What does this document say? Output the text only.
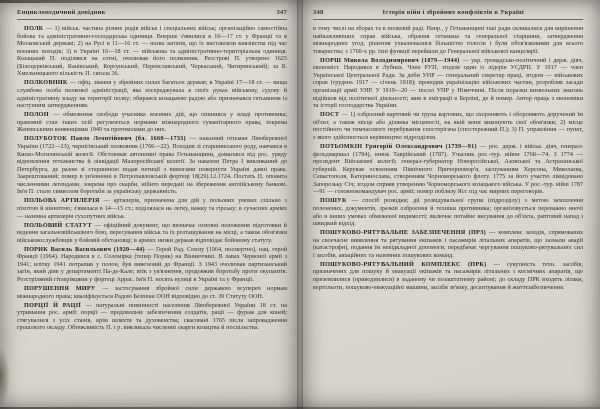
Енциклопедичний довідник	347

ПОЛК — 1) військ. частина різних родів військ і спеціальних військ; організаційно самостійна бойова та адміністративно-господарська одиниця. Вперше з'явилися в 16—17 ст. у Франції та в Московській державі; 2) на Русі в 11—16 ст. — назва загонів, що їх виставляли князівства під час воєнних походів; 3) в Україні 16—18 ст. — військова та адміністративно-територіальна одиниця. Козацький П. поділявся на сотні, очолював його полковник. Реєстрові П. утворено 1625 (Білоцерківський, Канівський, Корсунський, Переяславський, Черкаський, Чигиринський); за Б. Хмельницького кількість П. сягала 36.

ПОЛКОВНИК — офіц. звання у збройних силах багатьох держав; в Україні 17—18 ст. — вища службова особа полкової адміністрації, яка зосереджувала в своїх руках військову, судову й адміністративну владу на території полку; обирався козацькою радою або призначався гетьманом із наступним затвердженням.

ПОЛОН — обмеження свободи учасника воєнних дій, що опинився у владі противника; правовий стан таких осіб регулюється нормами міжнародного гуманітарного права, зокрема Женевськими конвенціями 1949 та протоколами до них.

ПОЛУБОТОК Павло Леонтійович (бл. 1660—1733) — наказний гетьман Лівобережної України (1722—23), чернігівський полковник (1706—22). Походив зі старшинського роду, навчався в Києво-Могилянській колегії. Обстоював автономні права Гетьманщини, домагався від рос. уряду відновлення гетьманства й ліквідації Малоросійської колегії. За наказом Петра I викликаний до Петербурга, де разом зі старшиною подав петиції з вимогами повернути Україні давні права. Заарештований; помер в ув'язненні в Петропавловській фортеці 18(29).12.1724. Постать П. оповита численними легендами, зокрема про скарби, нібито передані на збереження англійському банкові. Ім'я П. стало символом боротьби за українську державність.

ПОЛЬОВА АРТИЛЕРІЯ — артилерія, призначена для дій у польових умовах спільно з піхотою й кіннотою; з'явилася в 14—15 ст.; поділялася на легку, важку та гірську; в сучасних арміях — наземна артилерія сухопутних військ.

ПОЛЬОВИЙ СТАТУТ — офіційний документ, що визначає основні положення підготовки й ведення загальновійськового бою, пересування військ та їх розташування на місці, а також обов'язки військовослужбовців у бойовій обстановці; в арміях низки держав відповідає бойовому статуту.

ПОРИК Василь Васильович (1920—44) — Герой Рад. Союзу (1964, посмертно), нац. герой Франції (1964). Народився в с. Соломірка (тепер Порик) на Вінниччині. В лавах Червоної армії з 1941; влітку 1941 потрапив у полон, був вивезений до Франції. З 1943 очолював партизанський загін, який діяв у департаменті Па-де-Кале; втік з ув'язнення, продовжив боротьбу проти окупантів. Розстріляний гітлерівцями у фортеці Аррас. Ім'я П. носять вулиці в Україні та у Франції.

ПОРУШЕННЯ МИРУ — застосування збройної сили державою всупереч нормам міжнародного права; кваліфікується Радою Безпеки ООН відповідно до ст. 39 Статуту ООН.

ПОРЦІЇ Й РАЦІЇ — натуральні повинності населення Лівобережної України 18 ст. на утримання рос. армії: порції — продовольче забезпечення солдатів, рації — фураж для коней; стягувалися з усіх станів, крім шляхти та духовенства; скасовані 1765 після запровадження грошового окладу. Обтяжливість П. і р. викликала численні скарги козацтва й поспільства.

348	Історія війн і збройних конфліктів в Україні

в тому числі на зборах та в полковій раді. Напр., у Гетьманщині такі ради скликалися для вирішення найважливіших справ війська, обрання гетьмана та генеральної старшини, затвердження міжнародних угод; рішення ухвалювалися більшістю голосів і були обов'язковими для всього товариства; з 1760-х рр. їхні функції перейшли до Генеральної військової канцелярії.

ПОРШ Микола Володимирович (1879—1944) — укр. громадсько-політичний і держ. діяч, економіст. Народився в Лубнах. Член РУП, згодом один із лідерів УСДРП. У 1917 — член Української Центральної Ради. За доби УНР — генеральний секретар праці, згодом — військових справ (грудень 1917 — січень 1918); проводив українізацію військових частин, розробляв засади організації армії УНР. У 1919—20 — посол УНР у Німеччині. Після поразки визвольних змагань відійшов від політичної діяльності; жив в еміграції в Берліні, де й помер. Автор праць з економіки та історії господарства України.

ПОСТ — 1) озброєний вартовий чи група вартових, що охороняють і обороняють доручений їм об'єкт, а також місце або ділянка місцевості, на якій вони виконують свої обов'язки; 2) місце постійного чи тимчасового перебування спостерігача (спостережний П.); 3) П. управління — пункт, з якого здійснюється керівництво підрозділом.

ПОТЬОМКІН Григорій Олександрович (1739—91) — рос. держ. і військ. діяч, генерал-фельдмаршал (1784), князь Таврійський (1787). Учасник рос.-тур. війни 1768—74. З 1774 — президент Військової колегії; генерал-губернатор Новоросійської, Азовської та Астраханської губерній. Керував освоєнням Північного Причорномор'я, заснуванням Херсона, Миколаєва, Севастополя, Катеринослава, створенням Чорноморського флоту. 1775 за його участю ліквідовано Запорозьку Січ; згодом сприяв утворенню Чорноморського козацького війська. У рос.-тур. війні 1787—91 — головнокомандувач рос. армії; помер поблизу Ясс під час мирних переговорів.

ПОШУК — спосіб розвідки; дії розвідувальної групи (підрозділу) з метою захоплення полонених, документів, зразків озброєння й техніки противника; організовується переважно вночі або в інших умовах обмеженої видимості; включає потайне висування до об'єкта, раптовий напад і швидкий відхід.

ПОШУКОВО-РЯТУВАЛЬНЕ ЗАБЕЗПЕЧЕННЯ (ПРЗ) — комплекс заходів, спрямованих на своєчасне виявлення та рятування екіпажів і пасажирів літальних апаратів, що зазнали аварії (катастрофи), подання їм невідкладної допомоги; передбачає чергування пошуково-рятувальних сил і засобів, авіаційних та наземних пошукових команд.

ПОШУКОВО-РЯТУВАЛЬНИЙ КОМПЛЕКС (ПРК) — сукупність техн. засобів, призначених для пошуку й евакуації екіпажів та пасажирів літальних і космічних апаратів, що приземлилися (приводнилися) в заданому чи позаштатному районі; до складу ПРК входять літаки, вертольоти, пошуково-евакуаційні машини, засоби зв'язку, десантування й життєзабезпечення.
